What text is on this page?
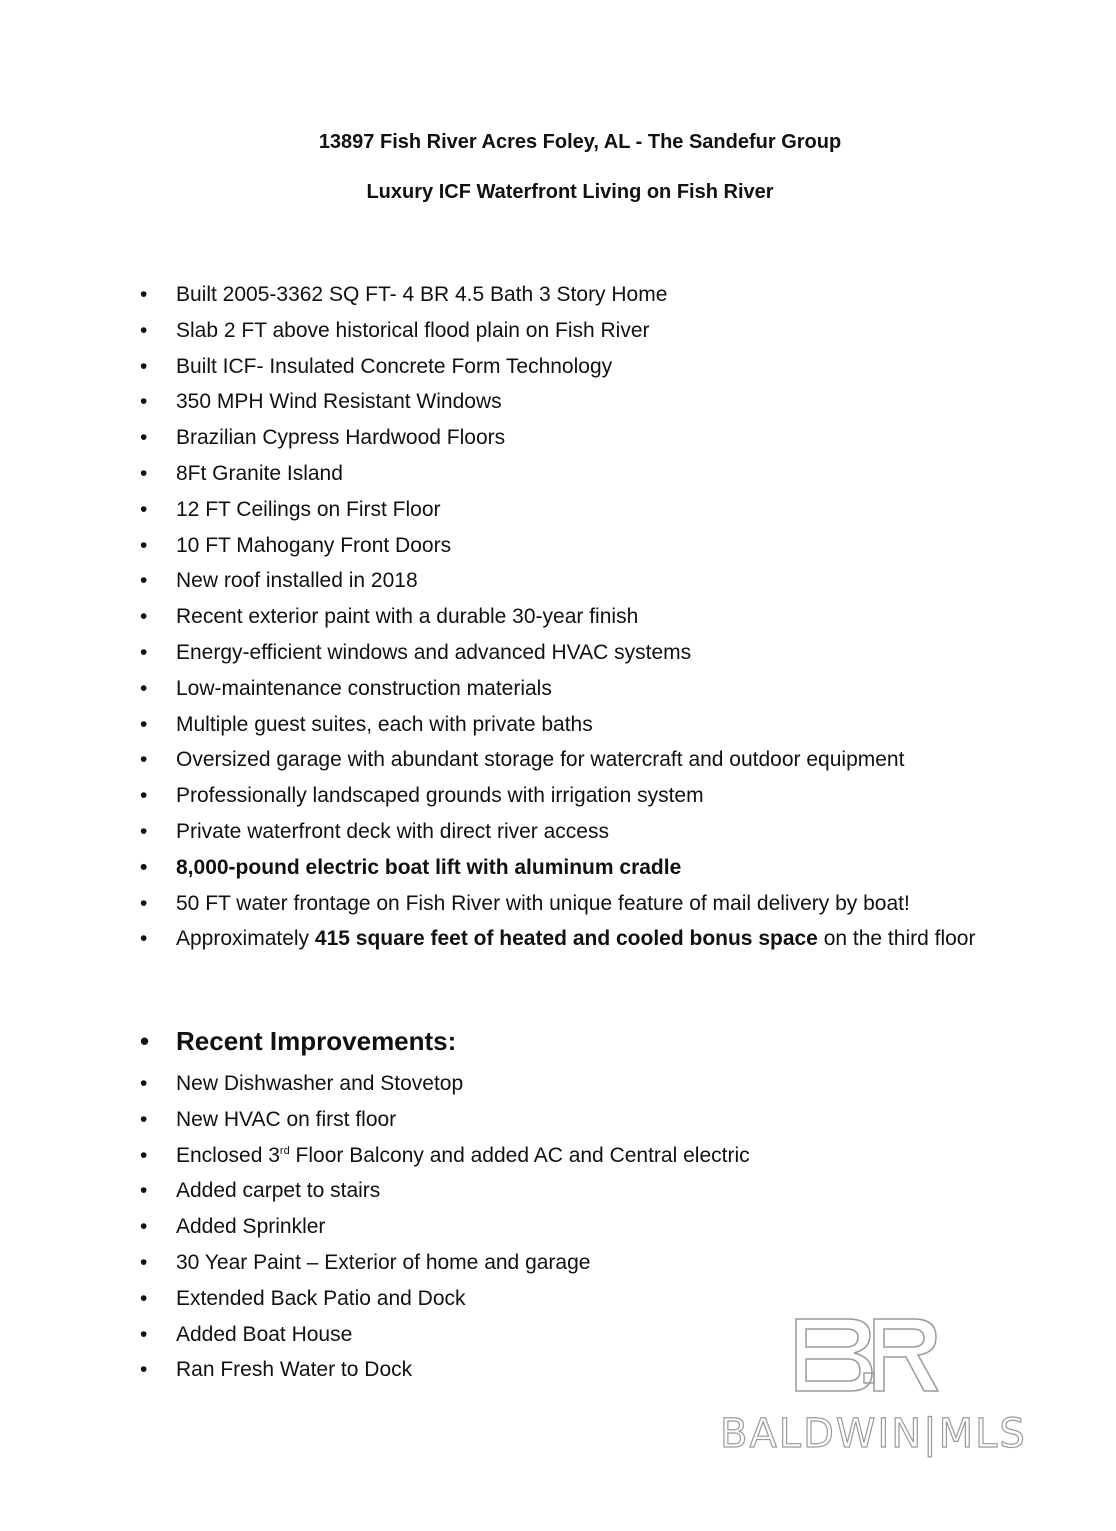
13897 Fish River Acres Foley, AL - The Sandefur Group
Luxury ICF Waterfront Living on Fish River
• Built 2005-3362 SQ FT- 4 BR 4.5 Bath 3 Story Home
• Slab 2 FT above historical flood plain on Fish River
• Built ICF- Insulated Concrete Form Technology
• 350 MPH Wind Resistant Windows
• Brazilian Cypress Hardwood Floors
• 8Ft Granite Island
• 12 FT Ceilings on First Floor
• 10 FT Mahogany Front Doors
• New roof installed in 2018
• Recent exterior paint with a durable 30-year finish
• Energy-efficient windows and advanced HVAC systems
• Low-maintenance construction materials
• Multiple guest suites, each with private baths
• Oversized garage with abundant storage for watercraft and outdoor equipment
• Professionally landscaped grounds with irrigation system
• Private waterfront deck with direct river access
• 8,000-pound electric boat lift with aluminum cradle
• 50 FT water frontage on Fish River with unique feature of mail delivery by boat!
• Approximately 415 square feet of heated and cooled bonus space on the third floor
• Recent Improvements:
• New Dishwasher and Stovetop
• New HVAC on first floor
• Enclosed 3rd Floor Balcony and added AC and Central electric
• Added carpet to stairs
• Added Sprinkler
• 30 Year Paint – Exterior of home and garage
• Extended Back Patio and Dock
• Added Boat House
• Ran Fresh Water to Dock
BALDWIN|MLS
